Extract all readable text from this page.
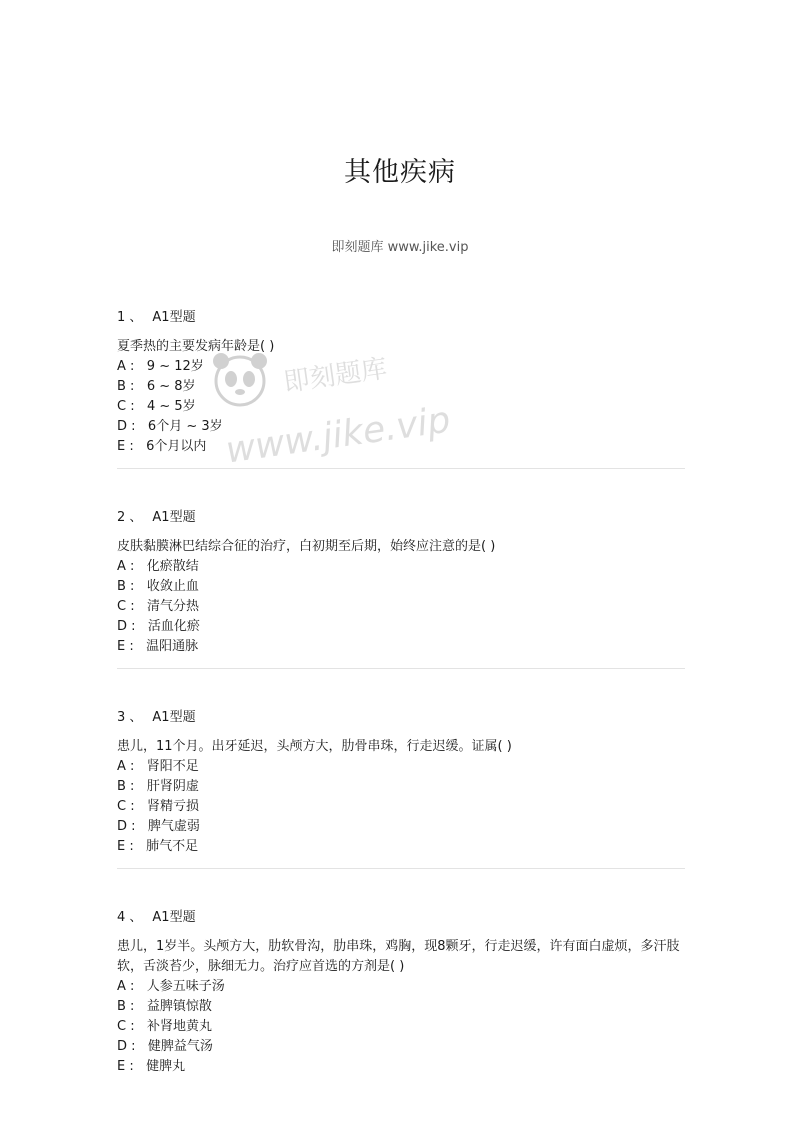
其他疾病
即刻题库 www.jike.vip
1 、 A1型题
夏季热的主要发病年龄是( )
A :   9 ~ 12岁
B :   6 ~ 8岁
C :   4 ~ 5岁
D :   6个月 ~ 3岁
E :   6个月以内
2 、 A1型题
皮肤黏膜淋巴结综合征的治疗，白初期至后期，始终应注意的是( )
A :   化瘀散结
B :   收敛止血
C :   清气分热
D :   活血化瘀
E :   温阳通脉
3 、 A1型题
患儿，11个月。出牙延迟，头颅方大，肋骨串珠，行走迟缓。证属( )
A :   肾阳不足
B :   肝肾阴虚
C :   肾精亏损
D :   脾气虚弱
E :   肺气不足
4 、 A1型题
患儿，1岁半。头颅方大，肋软骨沟，肋串珠，鸡胸，现8颗牙，行走迟缓，许有面白虚烦，多汗肢软，舌淡苔少，脉细无力。治疗应首选的方剂是( )
A :   人参五味子汤
B :   益脾镇惊散
C :   补肾地黄丸
D :   健脾益气汤
E :   健脾丸
即刻题库
www.jike.vip
